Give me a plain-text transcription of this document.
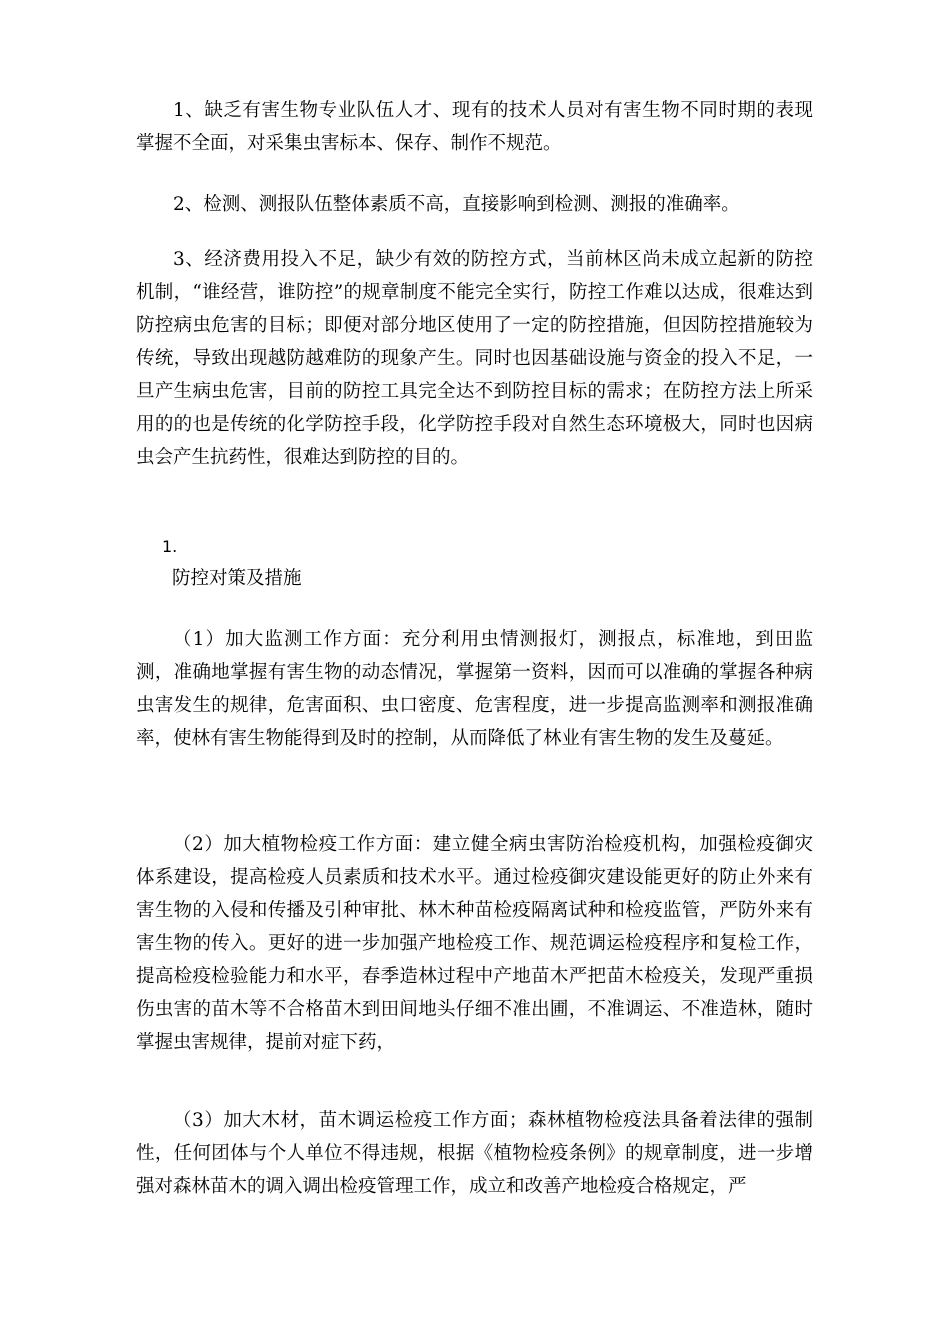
1、缺乏有害生物专业队伍人才、现有的技术人员对有害生物不同时期的表现掌握不全面，对采集虫害标本、保存、制作不规范。

2、检测、测报队伍整体素质不高，直接影响到检测、测报的准确率。

3、经济费用投入不足，缺少有效的防控方式，当前林区尚未成立起新的防控机制，“谁经营，谁防控”的规章制度不能完全实行，防控工作难以达成，很难达到防控病虫危害的目标；即便对部分地区使用了一定的防控措施，但因防控措施较为传统，导致出现越防越难防的现象产生。同时也因基础设施与资金的投入不足，一旦产生病虫危害，目前的防控工具完全达不到防控目标的需求；在防控方法上所采用的的也是传统的化学防控手段，化学防控手段对自然生态环境极大，同时也因病虫会产生抗药性，很难达到防控的目的。

1.

防控对策及措施

（1）加大监测工作方面：充分利用虫情测报灯，测报点，标准地，到田监测，准确地掌握有害生物的动态情况，掌握第一资料，因而可以准确的掌握各种病虫害发生的规律，危害面积、虫口密度、危害程度，进一步提高监测率和测报准确率，使林有害生物能得到及时的控制，从而降低了林业有害生物的发生及蔓延。

（2）加大植物检疫工作方面：建立健全病虫害防治检疫机构，加强检疫御灾体系建设，提高检疫人员素质和技术水平。通过检疫御灾建设能更好的防止外来有害生物的入侵和传播及引种审批、林木种苗检疫隔离试种和检疫监管，严防外来有害生物的传入。更好的进一步加强产地检疫工作、规范调运检疫程序和复检工作，提高检疫检验能力和水平，春季造林过程中产地苗木严把苗木检疫关，发现严重损伤虫害的苗木等不合格苗木到田间地头仔细不准出圃，不准调运、不准造林，随时掌握虫害规律，提前对症下药，

（3）加大木材，苗木调运检疫工作方面；森林植物检疫法具备着法律的强制性，任何团体与个人单位不得违规，根据《植物检疫条例》的规章制度，进一步增强对森林苗木的调入调出检疫管理工作，成立和改善产地检疫合格规定，严
